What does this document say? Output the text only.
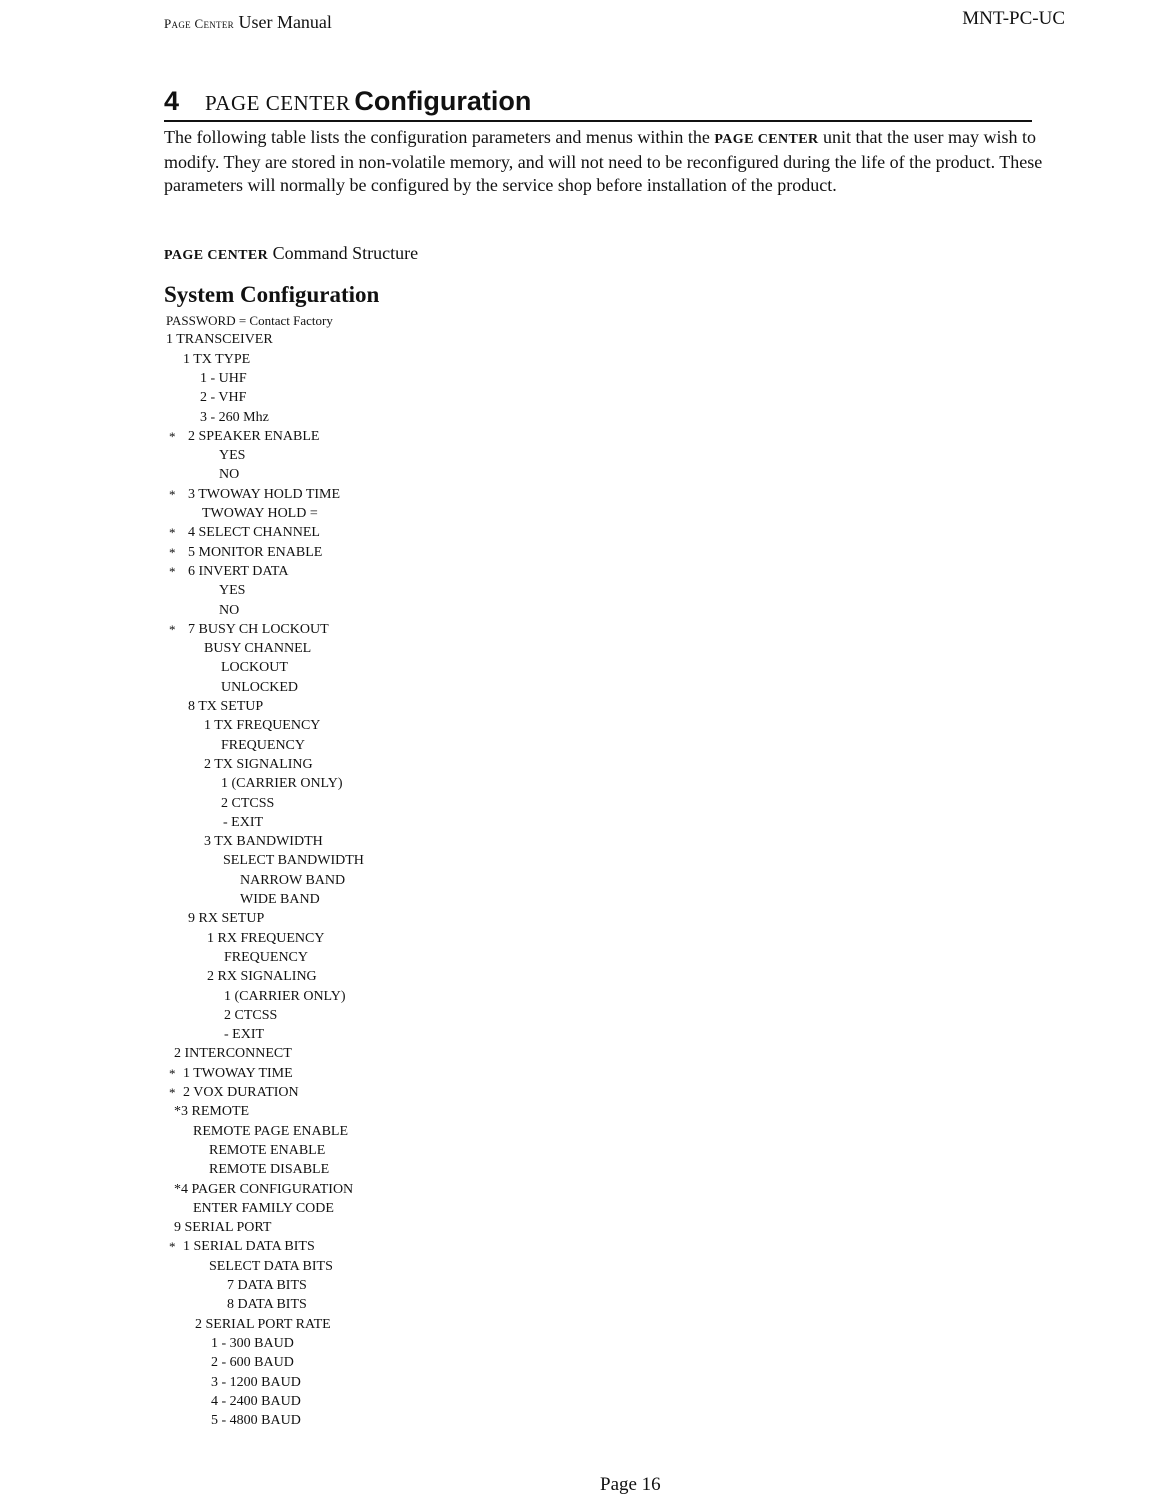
Page Center User Manual	MNT-PC-UC
4 PAGE CENTER Configuration
The following table lists the configuration parameters and menus within the PAGE CENTER unit that the user may wish to modify. They are stored in non-volatile memory, and will not need to be reconfigured during the life of the product. These parameters will normally be configured by the service shop before installation of the product.
PAGE CENTER Command Structure
System Configuration
PASSWORD = Contact Factory
1 TRANSCEIVER
1 TX TYPE
1 - UHF
2 - VHF
3 - 260 Mhz
* 2 SPEAKER ENABLE
YES
NO
* 3 TWOWAY HOLD TIME
TWOWAY HOLD =
* 4 SELECT CHANNEL
* 5 MONITOR ENABLE
* 6 INVERT DATA
YES
NO
* 7 BUSY CH LOCKOUT
BUSY CHANNEL
LOCKOUT
UNLOCKED
8 TX SETUP
1 TX FREQUENCY
FREQUENCY
2 TX SIGNALING
1 (CARRIER ONLY)
2 CTCSS
- EXIT
3 TX BANDWIDTH
SELECT BANDWIDTH
NARROW BAND
WIDE BAND
9 RX SETUP
1 RX FREQUENCY
FREQUENCY
2 RX SIGNALING
1 (CARRIER ONLY)
2 CTCSS
- EXIT
2 INTERCONNECT
* 1 TWOWAY TIME
* 2 VOX DURATION
*3 REMOTE
REMOTE PAGE ENABLE
REMOTE ENABLE
REMOTE DISABLE
*4 PAGER CONFIGURATION
ENTER FAMILY CODE
9 SERIAL PORT
* 1 SERIAL DATA BITS
SELECT DATA BITS
7 DATA BITS
8 DATA BITS
2 SERIAL PORT RATE
1 - 300 BAUD
2 - 600 BAUD
3 - 1200 BAUD
4 - 2400 BAUD
5 - 4800 BAUD
Page 16
